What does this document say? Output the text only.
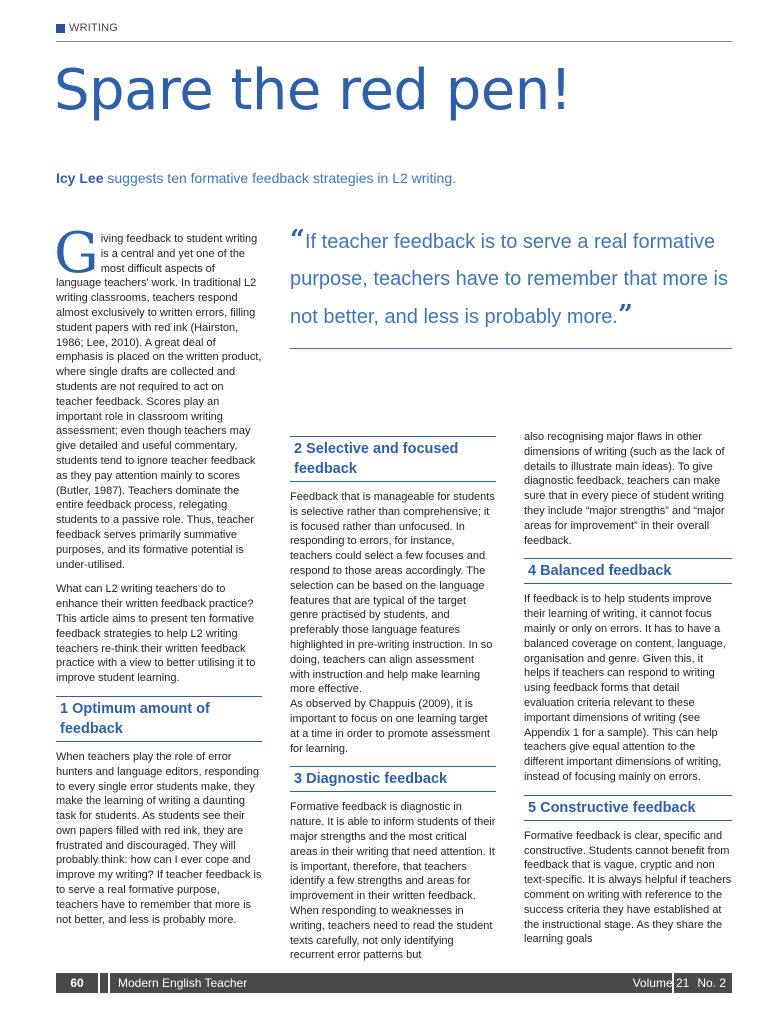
WRITING
Spare the red pen!
Icy Lee suggests ten formative feedback strategies in L2 writing.
“If teacher feedback is to serve a real formative purpose, teachers have to remember that more is not better, and less is probably more.”

Giving feedback to student writing is a central and yet one of the most difficult aspects of language teachers' work. In traditional L2 writing classrooms, teachers respond almost exclusively to written errors, filling student papers with red ink (Hairston, 1986; Lee, 2010). A great deal of emphasis is placed on the written product, where single drafts are collected and students are not required to act on teacher feedback. Scores play an important role in classroom writing assessment; even though teachers may give detailed and useful commentary, students tend to ignore teacher feedback as they pay attention mainly to scores (Butler, 1987). Teachers dominate the entire feedback process, relegating students to a passive role. Thus, teacher feedback serves primarily summative purposes, and its formative potential is under-utilised.

What can L2 writing teachers do to enhance their written feedback practice? This article aims to present ten formative feedback strategies to help L2 writing teachers re-think their written feedback practice with a view to better utilising it to improve student learning.

1 Optimum amount of feedback

When teachers play the role of error hunters and language editors, responding to every single error students make, they make the learning of writing a daunting task for students. As students see their own papers filled with red ink, they are frustrated and discouraged. They will probably think: how can I ever cope and improve my writing? If teacher feedback is to serve a real formative purpose, teachers have to remember that more is not better, and less is probably more.

2 Selective and focused feedback

Feedback that is manageable for students is selective rather than comprehensive; it is focused rather than unfocused. In responding to errors, for instance, teachers could select a few focuses and respond to those areas accordingly. The selection can be based on the language features that are typical of the target genre practised by students, and preferably those language features highlighted in pre-writing instruction. In so doing, teachers can align assessment with instruction and help make learning more effective.

As observed by Chappuis (2009), it is important to focus on one learning target at a time in order to promote assessment for learning.

3 Diagnostic feedback

Formative feedback is diagnostic in nature. It is able to inform students of their major strengths and the most critical areas in their writing that need attention. It is important, therefore, that teachers identify a few strengths and areas for improvement in their written feedback. When responding to weaknesses in writing, teachers need to read the student texts carefully, not only identifying recurrent error patterns but

also recognising major flaws in other dimensions of writing (such as the lack of details to illustrate main ideas). To give diagnostic feedback, teachers can make sure that in every piece of student writing they include “major strengths” and “major areas for improvement” in their overall feedback.

4 Balanced feedback

If feedback is to help students improve their learning of writing, it cannot focus mainly or only on errors. It has to have a balanced coverage on content, language, organisation and genre. Given this, it helps if teachers can respond to writing using feedback forms that detail evaluation criteria relevant to these important dimensions of writing (see Appendix 1 for a sample). This can help teachers give equal attention to the different important dimensions of writing, instead of focusing mainly on errors.

5 Constructive feedback

Formative feedback is clear, specific and constructive. Students cannot benefit from feedback that is vague, cryptic and non text-specific. It is always helpful if teachers comment on writing with reference to the success criteria they have established at the instructional stage. As they share the learning goals

60	Modern English Teacher	Volume 21 No. 2
